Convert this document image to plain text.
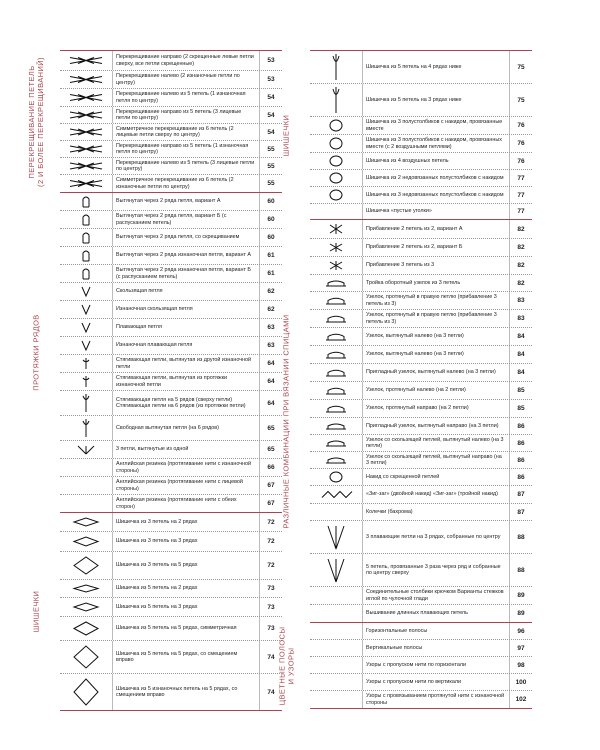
ПЕРЕКРЕЩИВАНИЕ ПЕТЕЛЬ
(2 И БОЛЕЕ ПЕРЕКРЕЩИВАНИЙ)	Перекрещивание направо (2 скрещенные левые петли сверху, все петли скрещенные)	53
Перекрещивание налево (2 изнаночные петли по центру)	53
Перекрещивание налево из 5 петель (1 изнаночная петля по центру)	54
Перекрещивание направо из 5 петель (3 лицевые петли по центру)	54
Симметричное перекрещивание из 6 петель (2 лицевые петли сверху по центру)	54
Перекрещивание направо из 5 петель (1 изнаночная петля по центру)	55
Перекрещивание налево из 5 петель (3 лицевые петли по центру)	55
Симметричное перекрещивание из 6 петель (2 изнаночные петли по центру)	55
ПРОТЯЖКИ РЯДОВ
Вытянутая через 2 ряда петля, вариант A	60
Вытянутая через 2 ряда петля, вариант Б (с распусканием петель)	60
Вытянутая через 2 ряда петля, со скрещиванием	60
Вытянутая через 2 ряда изнаночная петля, вариант A	61
Вытянутая через 2 ряда изнаночная петля, вариант Б (с распусканием петель)	61
Скользящая петля	62
Изнаночная скользящая петля	62
Плавающая петля	63
Изнаночная плавающая петля	63
Стягивающая петли, вытянутая из другой изнаночной петли	64
Стягивающая петли, вытянутая из протяжки изнаночной петли	64
Стягивающая петля на 5 рядов (сверху петли) Стягивающая петли на 6 рядов (из протяжки петли)	64
Свободная вытянутая петля (на 6 рядов)	65
3 петли, вытянутые из одной	65
Английская резинка (протягивание нити с изнаночной стороны)	66
Английская резинка (протягивание нити с лицевой стороны)	67
Английская резинка (протягивание нити с обеих сторон)	67
ШИШЕЧКИ
Шишечка из 3 петель на 2 рядах	72
Шишечка из 3 петель на 3 рядах	72
Шишечка из 3 петель на 5 рядах	72
Шишечка из 5 петель на 2 рядах	73
Шишечка из 5 петель на 3 рядах	73
Шишечка из 5 петель на 5 рядах, симметричная	73
Шишечка из 5 петель на 5 рядах, со смещением вправо	74
Шишечка из 5 изнаночных петель на 5 рядах, со смещением вправо	74
ШИШЕЧКИ
Шишечка из 5 петель на 4 рядах ниже	75
Шишечка из 5 петель на 3 рядах ниже	75
Шишечка из 3 полустолбиков с накидом, провязанные вместе	76
Шишечка из 3 полустолбиков с накидом, провязанных вместе (с 2 воздушными петлями)	76
Шишечка из 4 воздушных петель	76
Шишечка из 2 недовязанных полустолбиков с накидом	77
Шишечка из 3 недовязанных полустолбиков с накидом	77
Шишечка «пустые уголки»	77
РАЗЛИЧНЫЕ КОМБИНАЦИИ ПРИ ВЯЗАНИИ СПИЦАМИ
Прибавление 2 петель из 2, вариант A	82
Прибавление 2 петель из 2, вариант Б	82
Прибавление 3 петель из 3	82
Тройка оборотный узелок из 3 петель	82
Узелок, протянутый в правую петлю (прибавление 3 петель из 3)	83
Узелок, протянутый в правую петлю (прибавление 3 петель из 3)	83
Узелок, вытянутый налево (на 3 петли)	84
Узелок, вытянутый налево (на 3 петли)	84
Пригладный узелок, вытянутый налево (на 3 петли)	84
Узелок, протянутый налево (на 2 петли)	85
Узелок, протянутый направо (на 2 петли)	85
Пригладный узелок, вытянутый направо (на 3 петли)	86
Узелок со скользящей петлей, вытянутый налево (на 3 петли)	86
Узелок со скользящей петлей, вытянутый направо (на 3 петли)	86
Накид со скрещенной петлей	86
«Зиг-заг» (двойной накид) «Зиг-заг» (тройной накид)	87
Колечки (бахрома)	87
3 плавающие петли на 3 рядах, собранные по центру	88
5 петель, провязанные 3 раза через ряд и собранные по центру сверху	88
Соединительные столбики крючком Варианты стежков иглой по чулочной глади	89
Вышивание длинных плавающих петель	89
ЦВЕТНЫЕ ПОЛОСЫ
И УЗОРЫ
Горизонтальные полосы	96
Вертикальные полосы	97
Узоры с пропуском нити по горизонтали	98
Узоры с пропуском нити по вертикали	100
Узоры с провязыванием протянутой нити с изнаночной стороны	102
